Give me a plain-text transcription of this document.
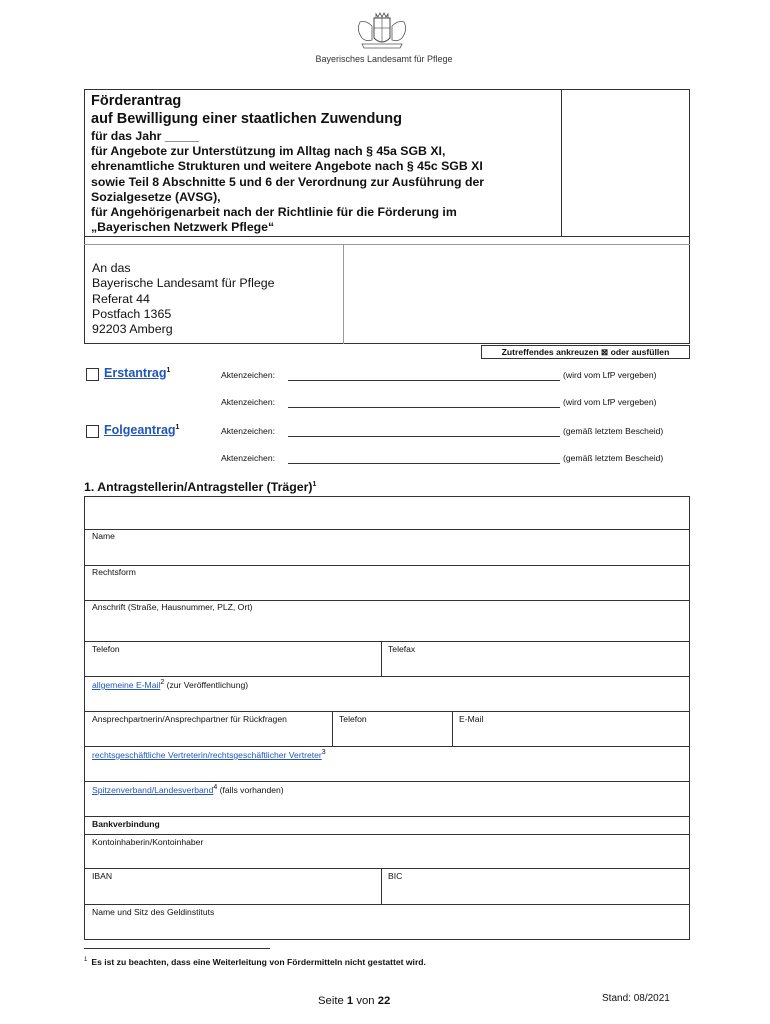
Bayerisches Landesamt für Pflege
Förderantrag
auf Bewilligung einer staatlichen Zuwendung
für das Jahr _____
für Angebote zur Unterstützung im Alltag nach § 45a SGB XI,
ehrenamtliche Strukturen und weitere Angebote nach § 45c SGB XI
sowie Teil 8 Abschnitte 5 und 6 der Verordnung zur Ausführung der
Sozialgesetze (AVSG),
für Angehörigenarbeit nach der Richtlinie für die Förderung im
„Bayerischen Netzwerk Pflege“
An das
Bayerische Landesamt für Pflege
Referat 44
Postfach 1365
92203 Amberg
Zutreffendes ankreuzen ⊠ oder ausfüllen
Erstantrag$^1$	Aktenzeichen:	(wird vom LfP vergeben)
Aktenzeichen:	(wird vom LfP vergeben)
Folgeantrag$^1$	Aktenzeichen:	(gemäß letztem Bescheid)
Aktenzeichen:	(gemäß letztem Bescheid)
1. Antragstellerin/Antragsteller (Träger)$^1$
Name
Rechtsform
Anschrift (Straße, Hausnummer, PLZ, Ort)
Telefon	Telefax
allgemeine E-Mail$^2$ (zur Veröffentlichung)
Ansprechpartnerin/Ansprechpartner für Rückfragen	Telefon	E-Mail
rechtsgeschäftliche Vertreterin/rechtsgeschäftlicher Vertreter$^3$
Spitzenverband/Landesverband$^4$ (falls vorhanden)
Bankverbindung
Kontoinhaberin/Kontoinhaber
IBAN	BIC
Name und Sitz des Geldinstituts
$^1$ Es ist zu beachten, dass eine Weiterleitung von Fördermitteln nicht gestattet wird.
Seite 1 von 22	Stand: 08/2021
